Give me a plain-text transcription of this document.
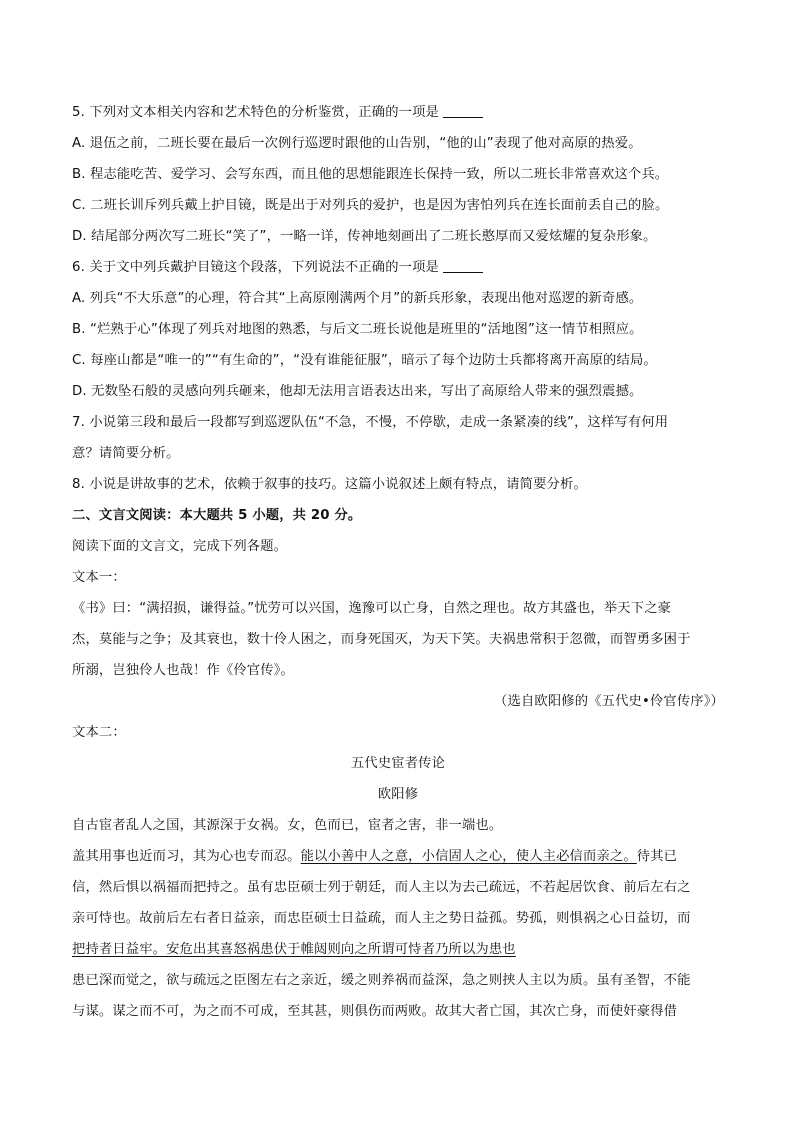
5. 下列对文本相关内容和艺术特色的分析鉴赏，正确的一项是
A. 退伍之前，二班长要在最后一次例行巡逻时跟他的山告别，“他的山”表现了他对高原的热爱。
B. 程志能吃苦、爱学习、会写东西，而且他的思想能跟连长保持一致，所以二班长非常喜欢这个兵。
C. 二班长训斥列兵戴上护目镜，既是出于对列兵的爱护，也是因为害怕列兵在连长面前丢自己的脸。
D. 结尾部分两次写二班长“笑了”，一略一详，传神地刻画出了二班长憨厚而又爱炫耀的复杂形象。
6. 关于文中列兵戴护目镜这个段落，下列说法不正确的一项是
A. 列兵“不大乐意”的心理，符合其“上高原刚满两个月”的新兵形象，表现出他对巡逻的新奇感。
B. “烂熟于心”体现了列兵对地图的熟悉，与后文二班长说他是班里的“活地图”这一情节相照应。
C. 每座山都是“唯一的”“有生命的”，“没有谁能征服”，暗示了每个边防士兵都将离开高原的结局。
D. 无数坠石般的灵感向列兵砸来，他却无法用言语表达出来，写出了高原给人带来的强烈震撼。
7. 小说第三段和最后一段都写到巡逻队伍“不急，不慢，不停歇，走成一条紧凑的线”，这样写有何用
意？请简要分析。
8. 小说是讲故事的艺术，依赖于叙事的技巧。这篇小说叙述上颇有特点，请简要分析。
二、文言文阅读：本大题共 5 小题，共 20 分。
阅读下面的文言文，完成下列各题。
文本一：
《书》曰：“满招损，谦得益。”忧劳可以兴国，逸豫可以亡身，自然之理也。故方其盛也，举天下之豪
杰，莫能与之争；及其衰也，数十伶人困之，而身死国灭，为天下笑。夫祸患常积于忽微，而智勇多困于
所溺，岂独伶人也哉！作《伶官传》。
（选自欧阳修的《五代史•伶官传序》）
文本二：
五代史宦者传论
欧阳修
自古宦者乱人之国，其源深于女祸。女，色而已，宦者之害，非一端也。
盖其用事也近而习，其为心也专而忍。能以小善中人之意，小信固人之心，使人主必信而亲之。待其已
信，然后惧以祸福而把持之。虽有忠臣硕士列于朝廷，而人主以为去己疏远，不若起居饮食、前后左右之
亲可恃也。故前后左右者日益亲，而忠臣硕士日益疏，而人主之势日益孤。势孤，则惧祸之心日益切，而
把持者日益牢。安危出其喜怒祸患伏于帷闼则向之所谓可恃者乃所以为患也
患已深而觉之，欲与疏远之臣图左右之亲近，缓之则养祸而益深，急之则挟人主以为质。虽有圣智，不能
与谋。谋之而不可，为之而不可成，至其甚，则俱伤而两败。故其大者亡国，其次亡身，而使奸豪得借
